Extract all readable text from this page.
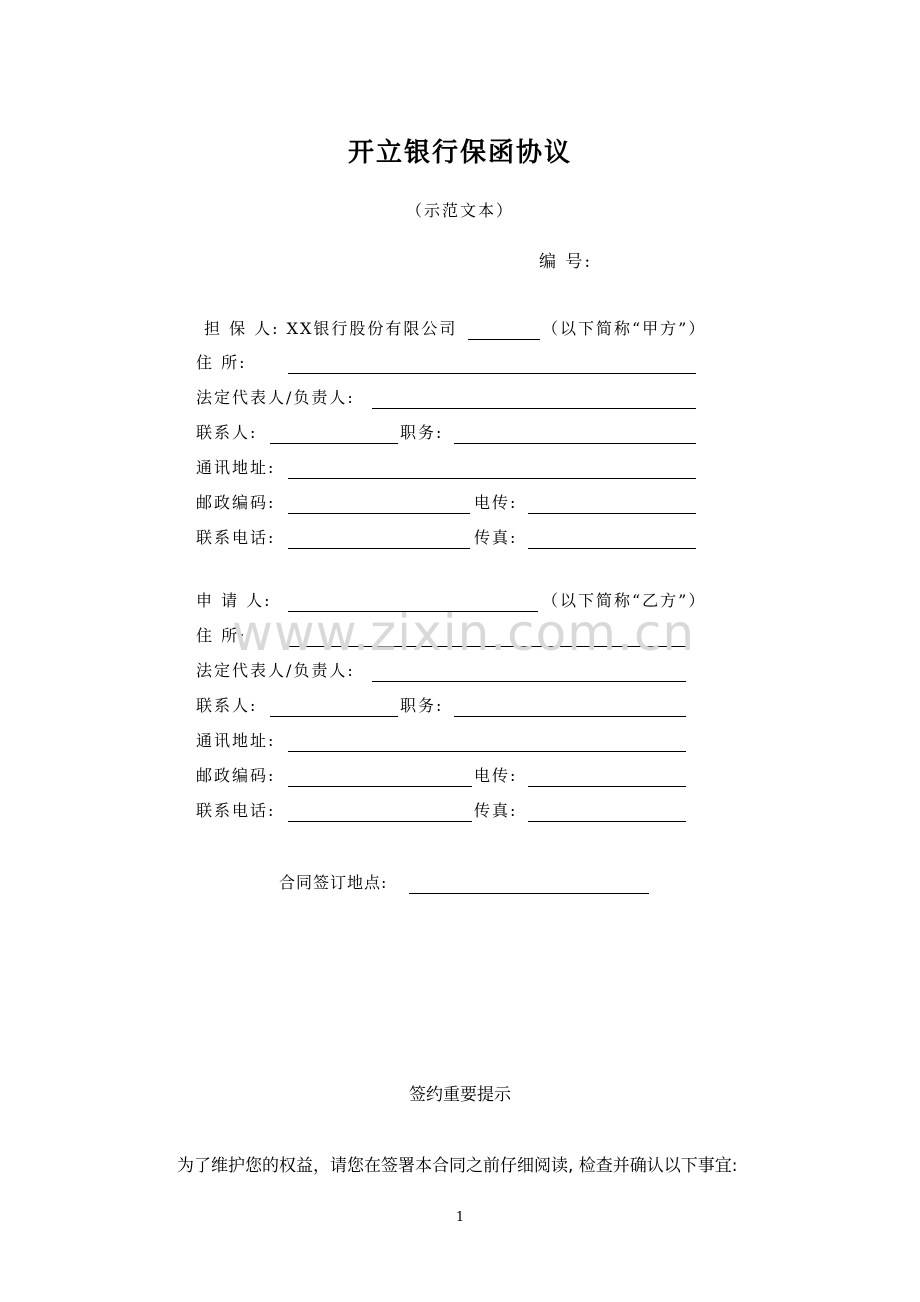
开立银行保函协议
（示范文本）
编 号:
担 保 人: XX银行股份有限公司	（以下简称“甲方”）
住 所:
法定代表人/负责人:
联系人:	职务:
通讯地址:
邮政编码:	电传:
联系电话:	传真:
申 请 人:	（以下简称“乙方”）
住 所:
法定代表人/负责人:
联系人:	职务:
通讯地址:
邮政编码:	电传:
联系电话:	传真:
合同签订地点:
签约重要提示
为了维护您的权益，请您在签署本合同之前仔细阅读, 检查并确认以下事宜:
1
www.zixin.com.cn
